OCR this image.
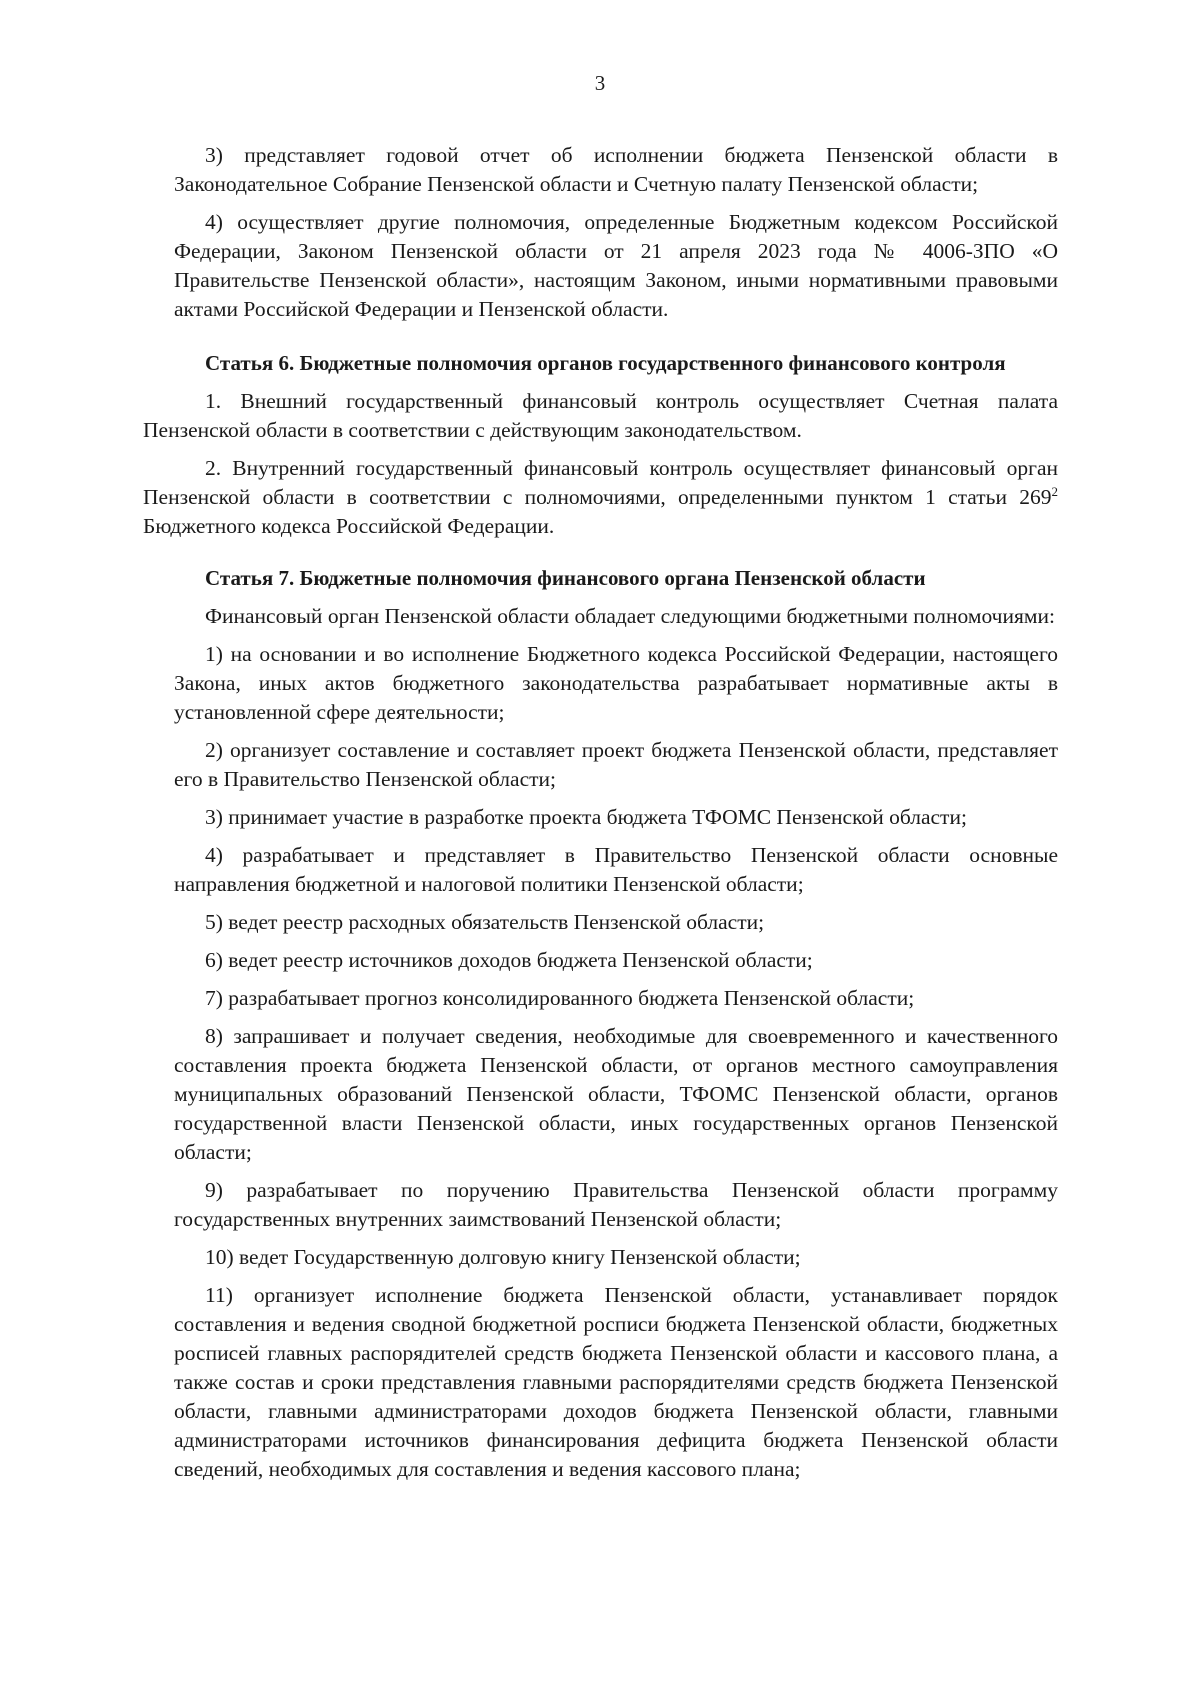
3

3) представляет годовой отчет об исполнении бюджета Пензенской области в Законодательное Собрание Пензенской области и Счетную палату Пензенской области;

4) осуществляет другие полномочия, определенные Бюджетным кодексом Российской Федерации, Законом Пензенской области от 21 апреля 2023 года № 4006-ЗПО «О Правительстве Пензенской области», настоящим Законом, иными нормативными правовыми актами Российской Федерации и Пензенской области.

Статья 6. Бюджетные полномочия органов государственного финансового контроля

1. Внешний государственный финансовый контроль осуществляет Счетная палата Пензенской области в соответствии с действующим законодательством.

2. Внутренний государственный финансовый контроль осуществляет финансовый орган Пензенской области в соответствии с полномочиями, определенными пунктом 1 статьи $269^2$ Бюджетного кодекса Российской Федерации.

Статья 7. Бюджетные полномочия финансового органа Пензенской области

Финансовый орган Пензенской области обладает следующими бюджетными полномочиями:

1) на основании и во исполнение Бюджетного кодекса Российской Федерации, настоящего Закона, иных актов бюджетного законодательства разрабатывает нормативные акты в установленной сфере деятельности;

2) организует составление и составляет проект бюджета Пензенской области, представляет его в Правительство Пензенской области;

3) принимает участие в разработке проекта бюджета ТФОМС Пензенской области;

4) разрабатывает и представляет в Правительство Пензенской области основные направления бюджетной и налоговой политики Пензенской области;

5) ведет реестр расходных обязательств Пензенской области;

6) ведет реестр источников доходов бюджета Пензенской области;

7) разрабатывает прогноз консолидированного бюджета Пензенской области;

8) запрашивает и получает сведения, необходимые для своевременного и качественного составления проекта бюджета Пензенской области, от органов местного самоуправления муниципальных образований Пензенской области, ТФОМС Пензенской области, органов государственной власти Пензенской области, иных государственных органов Пензенской области;

9) разрабатывает по поручению Правительства Пензенской области программу государственных внутренних заимствований Пензенской области;

10) ведет Государственную долговую книгу Пензенской области;

11) организует исполнение бюджета Пензенской области, устанавливает порядок составления и ведения сводной бюджетной росписи бюджета Пензенской области, бюджетных росписей главных распорядителей средств бюджета Пензенской области и кассового плана, а также состав и сроки представления главными распорядителями средств бюджета Пензенской области, главными администраторами доходов бюджета Пензенской области, главными администраторами источников финансирования дефицита бюджета Пензенской области сведений, необходимых для составления и ведения кассового плана;
